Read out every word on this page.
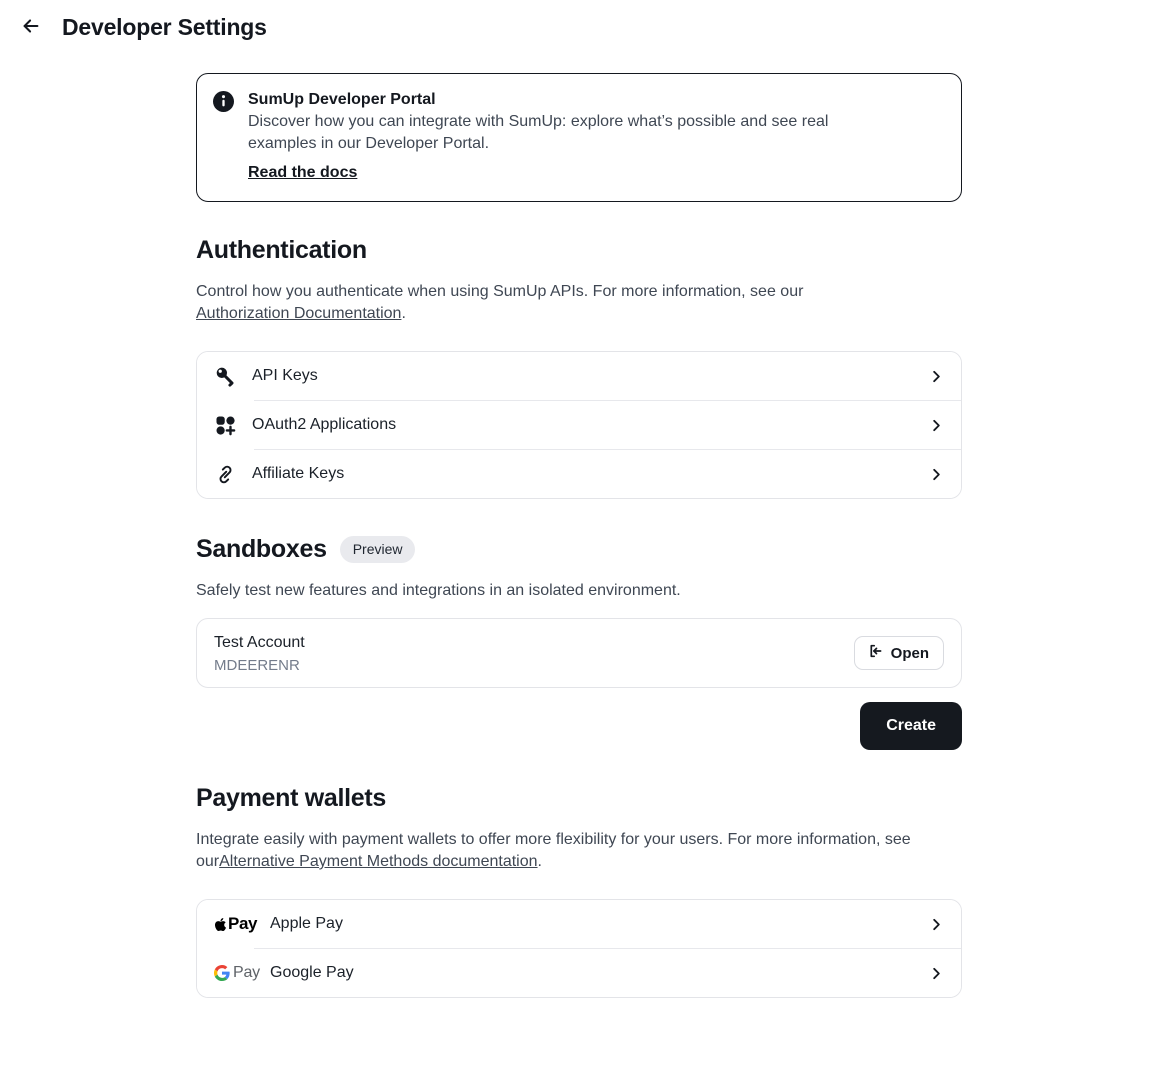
Developer Settings
SumUp Developer Portal
Discover how you can integrate with SumUp: explore what’s possible and see real examples in our Developer Portal.
Read the docs
Authentication

Control how you authenticate when using SumUp APIs. For more information, see our Authorization Documentation.

API Keys
OAuth2 Applications
Affiliate Keys
Sandboxes	Preview

Safely test new features and integrations in an isolated environment.

Test Account
MDEERENR
Open
Create
Payment wallets

Integrate easily with payment wallets to offer more flexibility for your users. For more information, see ourAlternative Payment Methods documentation.

Pay Apple Pay
Pay Google Pay
